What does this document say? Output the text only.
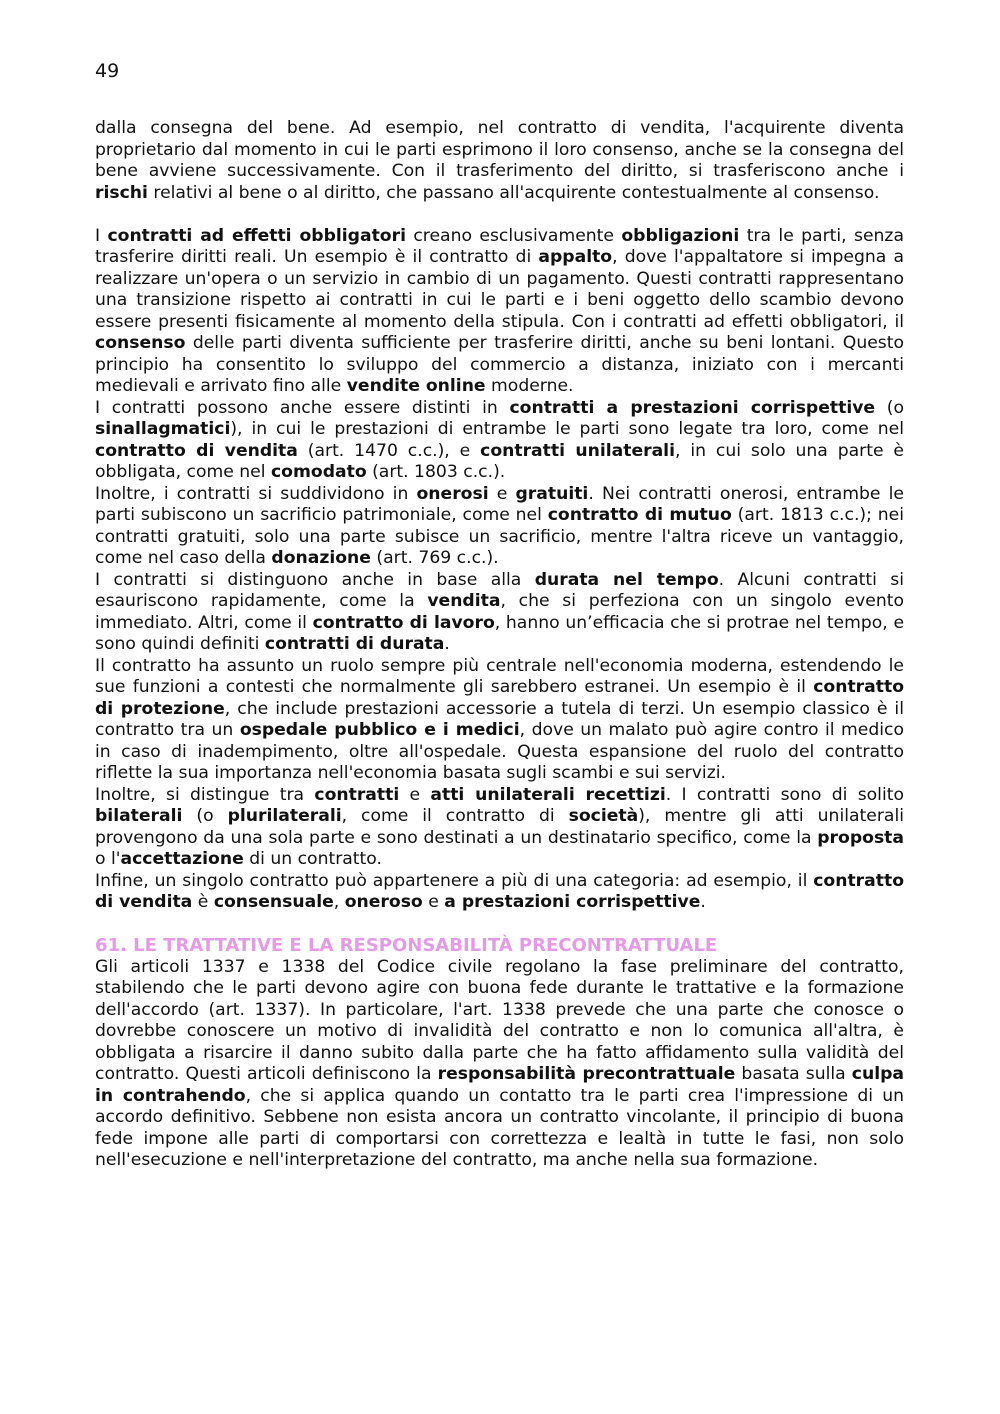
49

dalla consegna del bene. Ad esempio, nel contratto di vendita, l'acquirente diventa proprietario dal momento in cui le parti esprimono il loro consenso, anche se la consegna del bene avviene successivamente. Con il trasferimento del diritto, si trasferiscono anche i rischi relativi al bene o al diritto, che passano all'acquirente contestualmente al consenso.

I contratti ad effetti obbligatori creano esclusivamente obbligazioni tra le parti, senza trasferire diritti reali. Un esempio è il contratto di appalto, dove l'appaltatore si impegna a realizzare un'opera o un servizio in cambio di un pagamento. Questi contratti rappresentano una transizione rispetto ai contratti in cui le parti e i beni oggetto dello scambio devono essere presenti fisicamente al momento della stipula. Con i contratti ad effetti obbligatori, il consenso delle parti diventa sufficiente per trasferire diritti, anche su beni lontani. Questo principio ha consentito lo sviluppo del commercio a distanza, iniziato con i mercanti medievali e arrivato fino alle vendite online moderne.

I contratti possono anche essere distinti in contratti a prestazioni corrispettive (o sinallagmatici), in cui le prestazioni di entrambe le parti sono legate tra loro, come nel contratto di vendita (art. 1470 c.c.), e contratti unilaterali, in cui solo una parte è obbligata, come nel comodato (art. 1803 c.c.).

Inoltre, i contratti si suddividono in onerosi e gratuiti. Nei contratti onerosi, entrambe le parti subiscono un sacrificio patrimoniale, come nel contratto di mutuo (art. 1813 c.c.); nei contratti gratuiti, solo una parte subisce un sacrificio, mentre l'altra riceve un vantaggio, come nel caso della donazione (art. 769 c.c.).

I contratti si distinguono anche in base alla durata nel tempo. Alcuni contratti si esauriscono rapidamente, come la vendita, che si perfeziona con un singolo evento immediato. Altri, come il contratto di lavoro, hanno un’efficacia che si protrae nel tempo, e sono quindi definiti contratti di durata.

Il contratto ha assunto un ruolo sempre più centrale nell'economia moderna, estendendo le sue funzioni a contesti che normalmente gli sarebbero estranei. Un esempio è il contratto di protezione, che include prestazioni accessorie a tutela di terzi. Un esempio classico è il contratto tra un ospedale pubblico e i medici, dove un malato può agire contro il medico in caso di inadempimento, oltre all'ospedale. Questa espansione del ruolo del contratto riflette la sua importanza nell'economia basata sugli scambi e sui servizi.

Inoltre, si distingue tra contratti e atti unilaterali recettizi. I contratti sono di solito bilaterali (o plurilaterali, come il contratto di società), mentre gli atti unilaterali provengono da una sola parte e sono destinati a un destinatario specifico, come la proposta o l'accettazione di un contratto.

Infine, un singolo contratto può appartenere a più di una categoria: ad esempio, il contratto di vendita è consensuale, oneroso e a prestazioni corrispettive.

61. LE TRATTATIVE E LA RESPONSABILITÀ PRECONTRATTUALE

Gli articoli 1337 e 1338 del Codice civile regolano la fase preliminare del contratto, stabilendo che le parti devono agire con buona fede durante le trattative e la formazione dell'accordo (art. 1337). In particolare, l'art. 1338 prevede che una parte che conosce o dovrebbe conoscere un motivo di invalidità del contratto e non lo comunica all'altra, è obbligata a risarcire il danno subito dalla parte che ha fatto affidamento sulla validità del contratto. Questi articoli definiscono la responsabilità precontrattuale basata sulla culpa in contrahendo, che si applica quando un contatto tra le parti crea l'impressione di un accordo definitivo. Sebbene non esista ancora un contratto vincolante, il principio di buona fede impone alle parti di comportarsi con correttezza e lealtà in tutte le fasi, non solo nell'esecuzione e nell'interpretazione del contratto, ma anche nella sua formazione.
